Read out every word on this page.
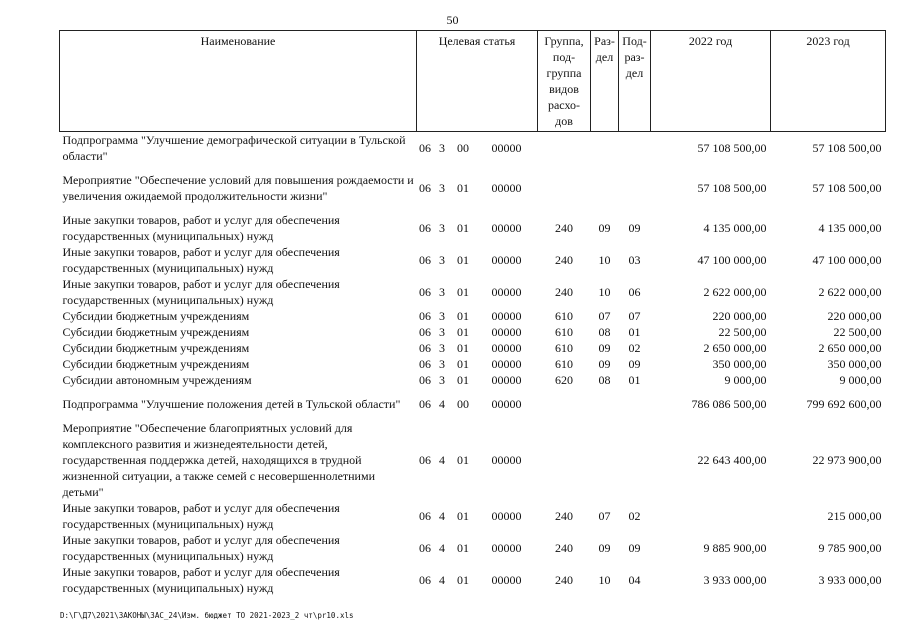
50
Наименование	Целевая статья				Группа, под-группа видов расхо-дов	Раз-дел	Под-раз-дел	2022 год	2023 год
Подпрограмма "Улучшение демографической ситуации в Тульской области"	06	3	00	00000				57 108 500,00	57 108 500,00
Мероприятие "Обеспечение условий для повышения рождаемости и увеличения ожидаемой продолжительности жизни"	06	3	01	00000				57 108 500,00	57 108 500,00
Иные закупки товаров, работ и услуг для обеспечения государственных (муниципальных) нужд	06	3	01	00000	240	09	09	4 135 000,00	4 135 000,00
Иные закупки товаров, работ и услуг для обеспечения государственных (муниципальных) нужд	06	3	01	00000	240	10	03	47 100 000,00	47 100 000,00
Иные закупки товаров, работ и услуг для обеспечения государственных (муниципальных) нужд	06	3	01	00000	240	10	06	2 622 000,00	2 622 000,00
Субсидии бюджетным учреждениям	06	3	01	00000	610	07	07	220 000,00	220 000,00
Субсидии бюджетным учреждениям	06	3	01	00000	610	08	01	22 500,00	22 500,00
Субсидии бюджетным учреждениям	06	3	01	00000	610	09	02	2 650 000,00	2 650 000,00
Субсидии бюджетным учреждениям	06	3	01	00000	610	09	09	350 000,00	350 000,00
Субсидии автономным учреждениям	06	3	01	00000	620	08	01	9 000,00	9 000,00
Подпрограмма "Улучшение положения детей в Тульской области"	06	4	00	00000				786 086 500,00	799 692 600,00
Мероприятие "Обеспечение благоприятных условий для комплексного развития и жизнедеятельности детей, государственная поддержка детей, находящихся в трудной жизненной ситуации, а также семей с несовершеннолетними детьми"	06	4	01	00000				22 643 400,00	22 973 900,00
Иные закупки товаров, работ и услуг для обеспечения государственных (муниципальных) нужд	06	4	01	00000	240	07	02		215 000,00
Иные закупки товаров, работ и услуг для обеспечения государственных (муниципальных) нужд	06	4	01	00000	240	09	09	9 885 900,00	9 785 900,00
Иные закупки товаров, работ и услуг для обеспечения государственных (муниципальных) нужд	06	4	01	00000	240	10	04	3 933 000,00	3 933 000,00
D:\Г\Д7\2021\ЗАКОНЫ\ЗАС_24\Изм. бюджет ТО 2021-2023_2 чт\pr10.xls
